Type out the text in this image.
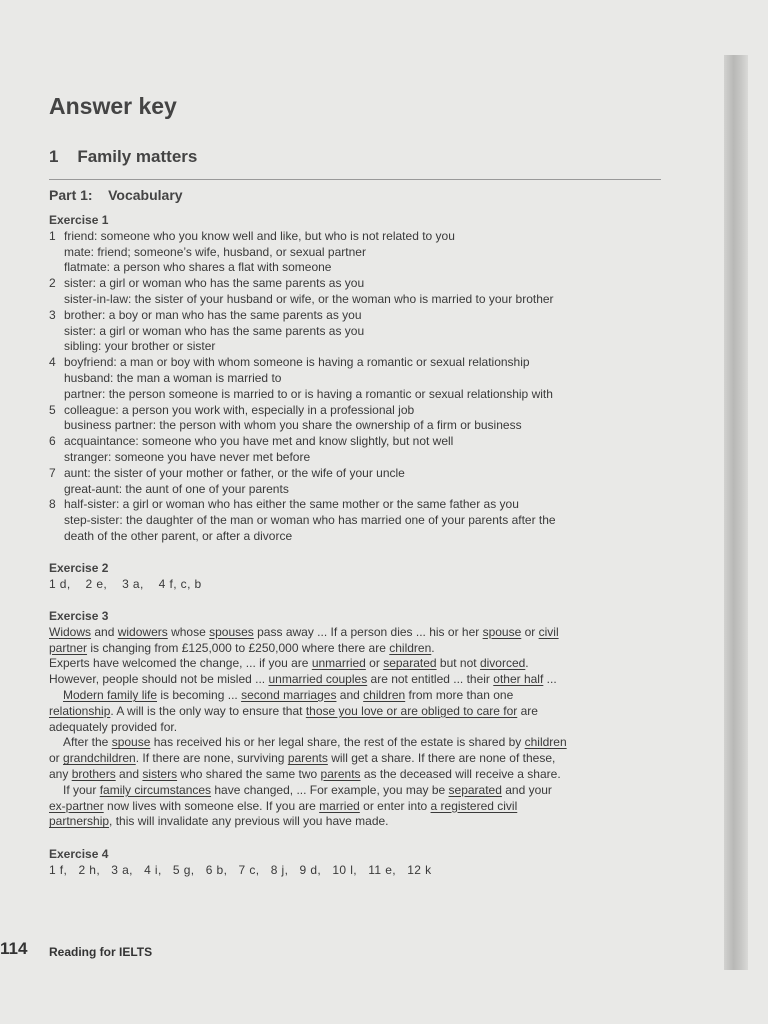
Answer key
1    Family matters
Part 1:    Vocabulary
Exercise 1
1 friend: someone who you know well and like, but who is not related to you
mate: friend; someone’s wife, husband, or sexual partner
flatmate: a person who shares a flat with someone
2 sister: a girl or woman who has the same parents as you
sister-in-law: the sister of your husband or wife, or the woman who is married to your brother
3 brother: a boy or man who has the same parents as you
sister: a girl or woman who has the same parents as you
sibling: your brother or sister
4 boyfriend: a man or boy with whom someone is having a romantic or sexual relationship
husband: the man a woman is married to
partner: the person someone is married to or is having a romantic or sexual relationship with
5 colleague: a person you work with, especially in a professional job
business partner: the person with whom you share the ownership of a firm or business
6 acquaintance: someone who you have met and know slightly, but not well
stranger: someone you have never met before
7 aunt: the sister of your mother or father, or the wife of your uncle
great-aunt: the aunt of one of your parents
8 half-sister: a girl or woman who has either the same mother or the same father as you
step-sister: the daughter of the man or woman who has married one of your parents after the
death of the other parent, or after a divorce
Exercise 2
1 d,    2 e,    3 a,    4 f, c, b
Exercise 3
Widows and widowers whose spouses pass away ... If a person dies ... his or her spouse or civil
partner is changing from £125,000 to £250,000 where there are children.
Experts have welcomed the change, ... if you are unmarried or separated but not divorced.
However, people should not be misled ... unmarried couples are not entitled ... their other half ...
Modern family life is becoming ... second marriages and children from more than one
relationship. A will is the only way to ensure that those you love or are obliged to care for are
adequately provided for.
After the spouse has received his or her legal share, the rest of the estate is shared by children
or grandchildren. If there are none, surviving parents will get a share. If there are none of these,
any brothers and sisters who shared the same two parents as the deceased will receive a share.
If your family circumstances have changed, ... For example, you may be separated and your
ex-partner now lives with someone else. If you are married or enter into a registered civil
partnership, this will invalidate any previous will you have made.
Exercise 4
1 f,   2 h,   3 a,   4 i,   5 g,   6 b,   7 c,   8 j,   9 d,   10 l,   11 e,   12 k
114 Reading for IELTS
